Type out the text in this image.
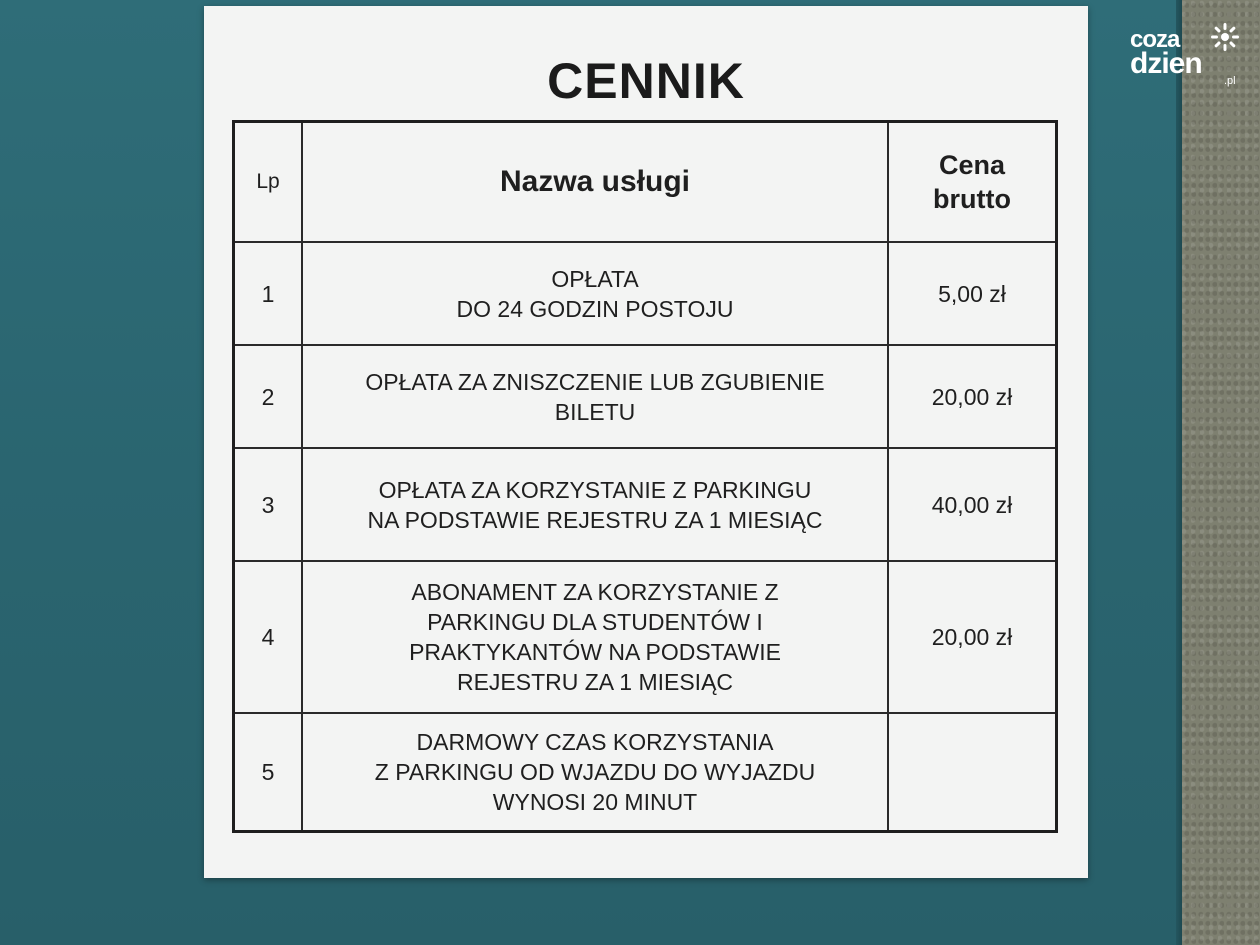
coza
dzien
.pl
CENNIK
Lp	Nazwa usługi	Cena
brutto

1	OPŁATA
DO 24 GODZIN POSTOJU	5,00 zł
2	OPŁATA ZA ZNISZCZENIE LUB ZGUBIENIE
BILETU	20,00 zł
3	OPŁATA ZA KORZYSTANIE Z PARKINGU
NA PODSTAWIE REJESTRU ZA 1 MIESIĄC	40,00 zł
4	ABONAMENT ZA KORZYSTANIE Z
PARKINGU DLA STUDENTÓW I
PRAKTYKANTÓW NA PODSTAWIE
REJESTRU ZA 1 MIESIĄC	20,00 zł
5	DARMOWY CZAS KORZYSTANIA
Z PARKINGU OD WJAZDU DO WYJAZDU
WYNOSI 20 MINUT	
